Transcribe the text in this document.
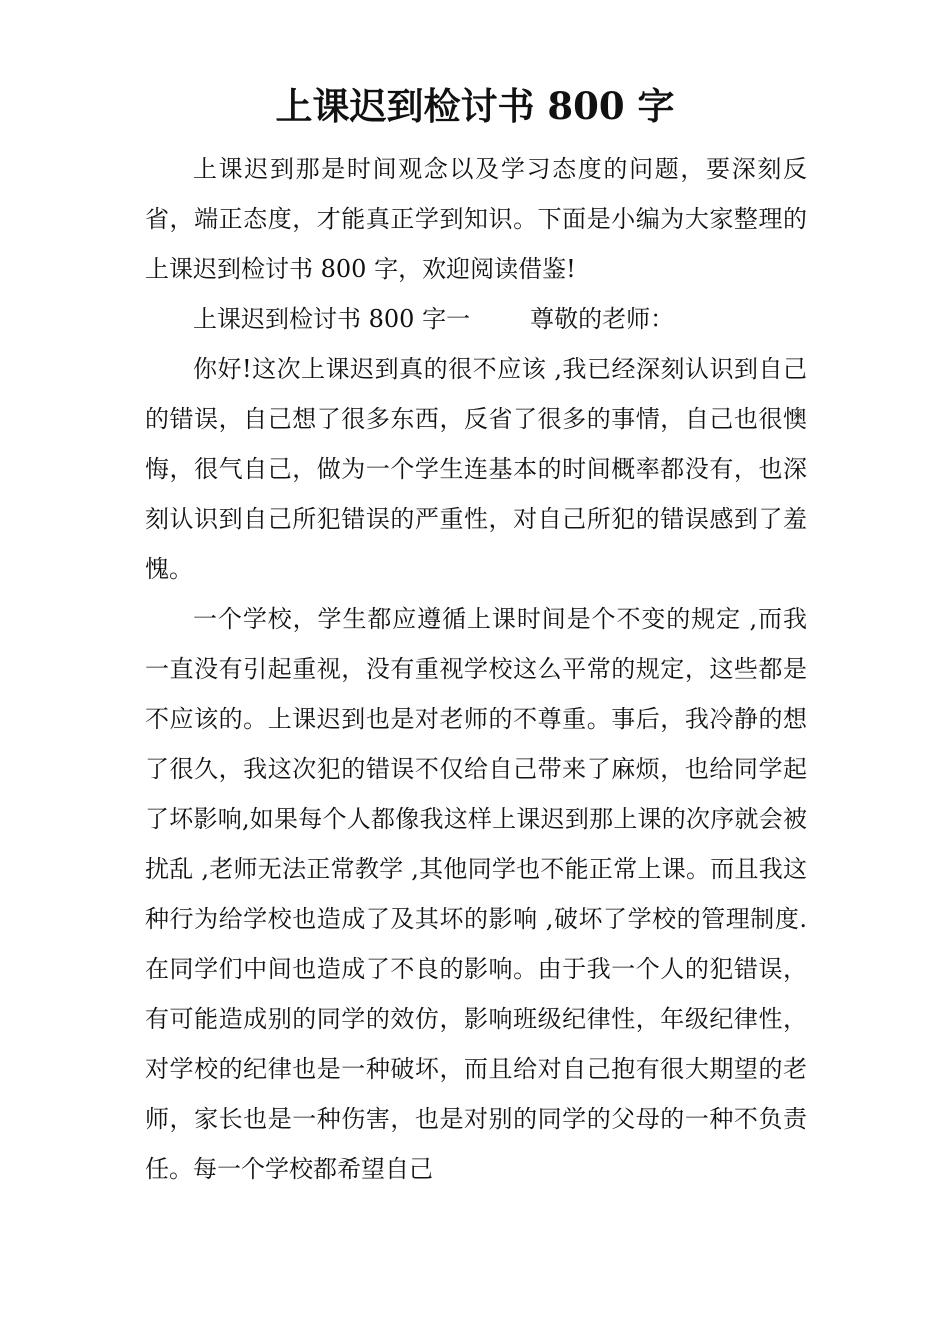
上课迟到检讨书 800 字

上课迟到那是时间观念以及学习态度的问题，要深刻反省，端正态度，才能真正学到知识。下面是小编为大家整理的上课迟到检讨书 800 字，欢迎阅读借鉴!

上课迟到检讨书 800 字一	尊敬的老师：

你好!这次上课迟到真的很不应该 ,我已经深刻认识到自己的错误，自己想了很多东西，反省了很多的事情，自己也很懊悔，很气自己，做为一个学生连基本的时间概率都没有，也深刻认识到自己所犯错误的严重性，对自己所犯的错误感到了羞愧。

一个学校，学生都应遵循上课时间是个不变的规定 ,而我一直没有引起重视，没有重视学校这么平常的规定，这些都是不应该的。上课迟到也是对老师的不尊重。事后，我冷静的想了很久，我这次犯的错误不仅给自己带来了麻烦，也给同学起了坏影响,如果每个人都像我这样上课迟到那上课的次序就会被扰乱 ,老师无法正常教学 ,其他同学也不能正常上课。而且我这种行为给学校也造成了及其坏的影响 ,破坏了学校的管理制度.在同学们中间也造成了不良的影响。由于我一个人的犯错误，有可能造成别的同学的效仿，影响班级纪律性，年级纪律性，对学校的纪律也是一种破坏，而且给对自己抱有很大期望的老师，家长也是一种伤害，也是对别的同学的父母的一种不负责任。每一个学校都希望自己
